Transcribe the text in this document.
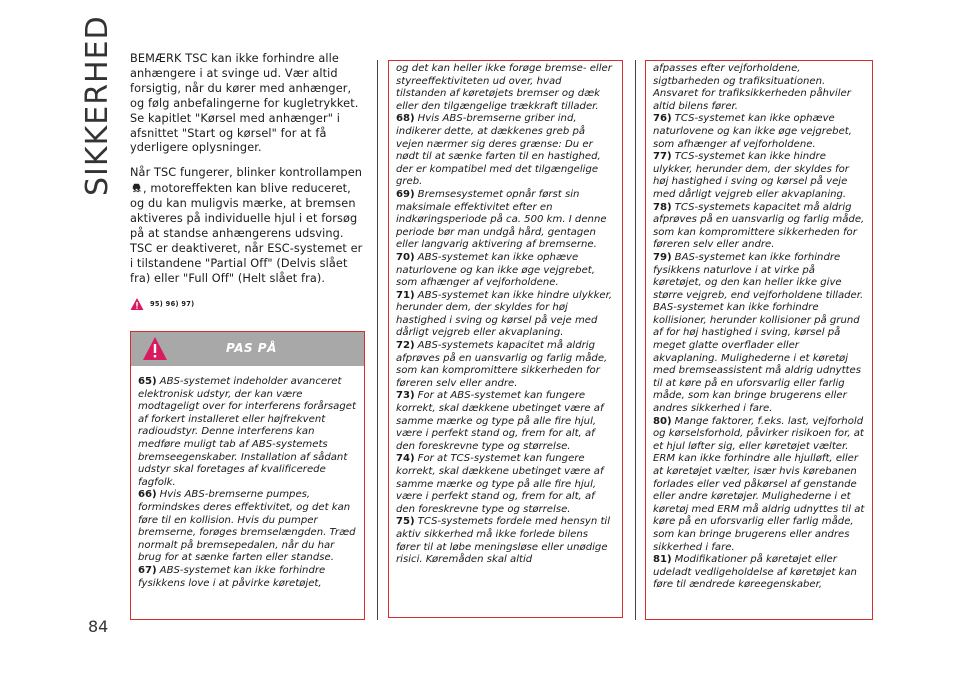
SIKKERHED BEMÆRK TSC kan ikke forhindre alle anhængere i at svinge ud. Vær altid forsigtig, når du kører med anhænger, og følg anbefalingerne for kugletrykket. Se kapitlet "Kørsel med anhænger" i afsnittet "Start og kørsel" for at få yderligere oplysninger.

Når TSC fungerer, blinker kontrollampen , motoreffekten kan blive reduceret, og du kan muligvis mærke, at bremsen aktiveres på individuelle hjul i et forsøg på at standse anhængerens udsving. TSC er deaktiveret, når ESC-systemet er i tilstandene "Partial Off" (Delvis slået fra) eller "Full Off" (Helt slået fra).

95) 96) 97)
PAS PÅ

65) ABS-systemet indeholder avanceret elektronisk udstyr, der kan være modtageligt over for interferens forårsaget af forkert installeret eller højfrekvent radioudstyr. Denne interferens kan medføre muligt tab af ABS-systemets bremseegenskaber. Installation af sådant udstyr skal foretages af kvalificerede fagfolk.

66) Hvis ABS-bremserne pumpes, formindskes deres effektivitet, og det kan føre til en kollision. Hvis du pumper bremserne, forøges bremselængden. Træd normalt på bremsepedalen, når du har brug for at sænke farten eller standse.

67) ABS-systemet kan ikke forhindre fysikkens love i at påvirke køretøjet,

og det kan heller ikke forøge bremse- eller styreeffektiviteten ud over, hvad tilstanden af køretøjets bremser og dæk eller den tilgængelige trækkraft tillader.

68) Hvis ABS-bremserne griber ind, indikerer dette, at dækkenes greb på vejen nærmer sig deres grænse: Du er nødt til at sænke farten til en hastighed, der er kompatibel med det tilgængelige greb.

69) Bremsesystemet opnår først sin maksimale effektivitet efter en indkøringsperiode på ca. 500 km. I denne periode bør man undgå hård, gentagen eller langvarig aktivering af bremserne.

70) ABS-systemet kan ikke ophæve naturlovene og kan ikke øge vejgrebet, som afhænger af vejforholdene.

71) ABS-systemet kan ikke hindre ulykker, herunder dem, der skyldes for høj hastighed i sving og kørsel på veje med dårligt vejgreb eller akvaplaning.

72) ABS-systemets kapacitet må aldrig afprøves på en uansvarlig og farlig måde, som kan kompromittere sikkerheden for føreren selv eller andre.

73) For at ABS-systemet kan fungere korrekt, skal dækkene ubetinget være af samme mærke og type på alle fire hjul, være i perfekt stand og, frem for alt, af den foreskrevne type og størrelse.

74) For at TCS-systemet kan fungere korrekt, skal dækkene ubetinget være af samme mærke og type på alle fire hjul, være i perfekt stand og, frem for alt, af den foreskrevne type og størrelse.

75) TCS-systemets fordele med hensyn til aktiv sikkerhed må ikke forlede bilens fører til at løbe meningsløse eller unødige risici. Køremåden skal altid

afpasses efter vejforholdene, sigtbarheden og trafiksituationen. Ansvaret for trafiksikkerheden påhviler altid bilens fører.

76) TCS-systemet kan ikke ophæve naturlovene og kan ikke øge vejgrebet, som afhænger af vejforholdene.

77) TCS-systemet kan ikke hindre ulykker, herunder dem, der skyldes for høj hastighed i sving og kørsel på veje med dårligt vejgreb eller akvaplaning.

78) TCS-systemets kapacitet må aldrig afprøves på en uansvarlig og farlig måde, som kan kompromittere sikkerheden for føreren selv eller andre.

79) BAS-systemet kan ikke forhindre fysikkens naturlove i at virke på køretøjet, og den kan heller ikke give større vejgreb, end vejforholdene tillader. BAS-systemet kan ikke forhindre kollisioner, herunder kollisioner på grund af for høj hastighed i sving, kørsel på meget glatte overflader eller akvaplaning. Mulighederne i et køretøj med bremseassistent må aldrig udnyttes til at køre på en uforsvarlig eller farlig måde, som kan bringe brugerens eller andres sikkerhed i fare.

80) Mange faktorer, f.eks. last, vejforhold og kørselsforhold, påvirker risikoen for, at et hjul løfter sig, eller køretøjet vælter. ERM kan ikke forhindre alle hjulløft, eller at køretøjet vælter, især hvis kørebanen forlades eller ved påkørsel af genstande eller andre køretøjer. Mulighederne i et køretøj med ERM må aldrig udnyttes til at køre på en uforsvarlig eller farlig måde, som kan bringe brugerens eller andres sikkerhed i fare.

81) Modifikationer på køretøjet eller udeladt vedligeholdelse af køretøjet kan føre til ændrede køreegenskaber,

84
